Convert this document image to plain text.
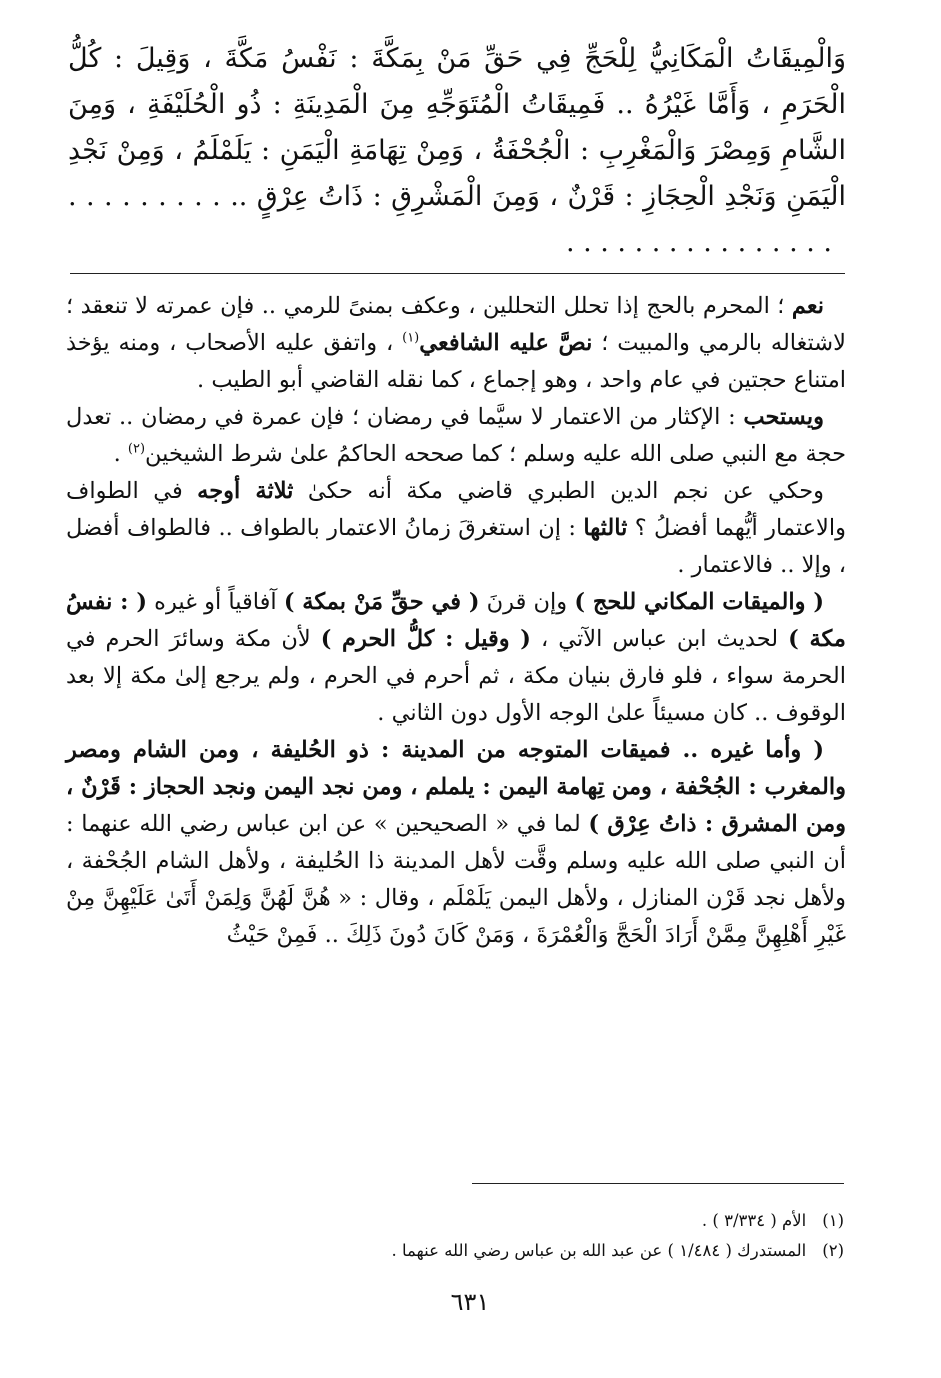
وَالْمِيقَاتُ الْمَكَانِيُّ لِلْحَجِّ فِي حَقِّ مَنْ بِمَكَّةَ : نَفْسُ مَكَّةَ ، وَقِيلَ : كُلُّ الْحَرَمِ ، وَأَمَّا غَيْرُهُ .. فَمِيقَاتُ الْمُتَوَجِّهِ مِنَ الْمَدِينَةِ : ذُو الْحُلَيْفَةِ ، وَمِنَ الشَّامِ وَمِصْرَ وَالْمَغْرِبِ : الْجُحْفَةُ ، وَمِنْ تِهَامَةِ الْيَمَنِ : يَلَمْلَمُ ، وَمِنْ نَجْدِ الْيَمَنِ وَنَجْدِ الْحِجَازِ : قَرْنٌ ، وَمِنَ الْمَشْرِقِ : ذَاتُ عِرْقٍ .. . . . . . . . . . . . . . . . . . . . . . . . . .

نعم ؛ المحرم بالحج إذا تحلل التحللين ، وعكف بمنىً للرمي .. فإن عمرته لا تنعقد ؛ لاشتغاله بالرمي والمبيت ؛ نصَّ عليه الشافعي$^{(١)}$ ، واتفق عليه الأصحاب ، ومنه يؤخذ امتناع حجتين في عام واحد ، وهو إجماع ، كما نقله القاضي أبو الطيب .

ويستحب : الإكثار من الاعتمار لا سيَّما في رمضان ؛ فإن عمرة في رمضان .. تعدل حجة مع النبي صلى الله عليه وسلم ؛ كما صححه الحاكمُ علىٰ شرط الشيخين$^{(٢)}$ .

وحكي عن نجم الدين الطبري قاضي مكة أنه حكىٰ ثلاثة أوجه في الطواف والاعتمار أيُّهما أفضلُ ؟ ثالثها : إن استغرقَ زمانُ الاعتمار بالطواف .. فالطواف أفضل ، وإلا .. فالاعتمار .

( والميقات المكاني للحج ) وإن قرنَ ( في حقِّ مَنْ بمكة ) آفاقياً أو غيره ( : نفسُ مكة ) لحديث ابن عباس الآتي ، ( وقيل : كلُّ الحرم ) لأن مكة وسائرَ الحرم في الحرمة سواء ، فلو فارق بنيان مكة ، ثم أحرم في الحرم ، ولم يرجع إلىٰ مكة إلا بعد الوقوف .. كان مسيئاً علىٰ الوجه الأول دون الثاني .

( وأما غيره .. فميقات المتوجه من المدينة : ذو الحُليفة ، ومن الشام ومصر والمغرب : الجُحْفة ، ومن تِهامة اليمن : يلملم ، ومن نجد اليمن ونجد الحجاز : قَرْنٌ ، ومن المشرق : ذاتُ عِرْق ) لما في « الصحيحين » عن ابن عباس رضي الله عنهما : أن النبي صلى الله عليه وسلم وقَّت لأهل المدينة ذا الحُليفة ، ولأهل الشام الجُحْفة ، ولأهل نجد قَرْن المنازل ، ولأهل اليمن يَلَمْلَم ، وقال : « هُنَّ لَهُنَّ وَلِمَنْ أَتَىٰ عَلَيْهِنَّ مِنْ غَيْرِ أَهْلِهِنَّ مِمَّنْ أَرَادَ الْحَجَّ وَالْعُمْرَةَ ، وَمَنْ كَانَ دُونَ ذَلِكَ .. فَمِنْ حَيْثُ

(١)الأم ( ٣/٣٣٤ ) .
(٢)المستدرك ( ١/٤٨٤ ) عن عبد الله بن عباس رضي الله عنهما .
٦٣١
